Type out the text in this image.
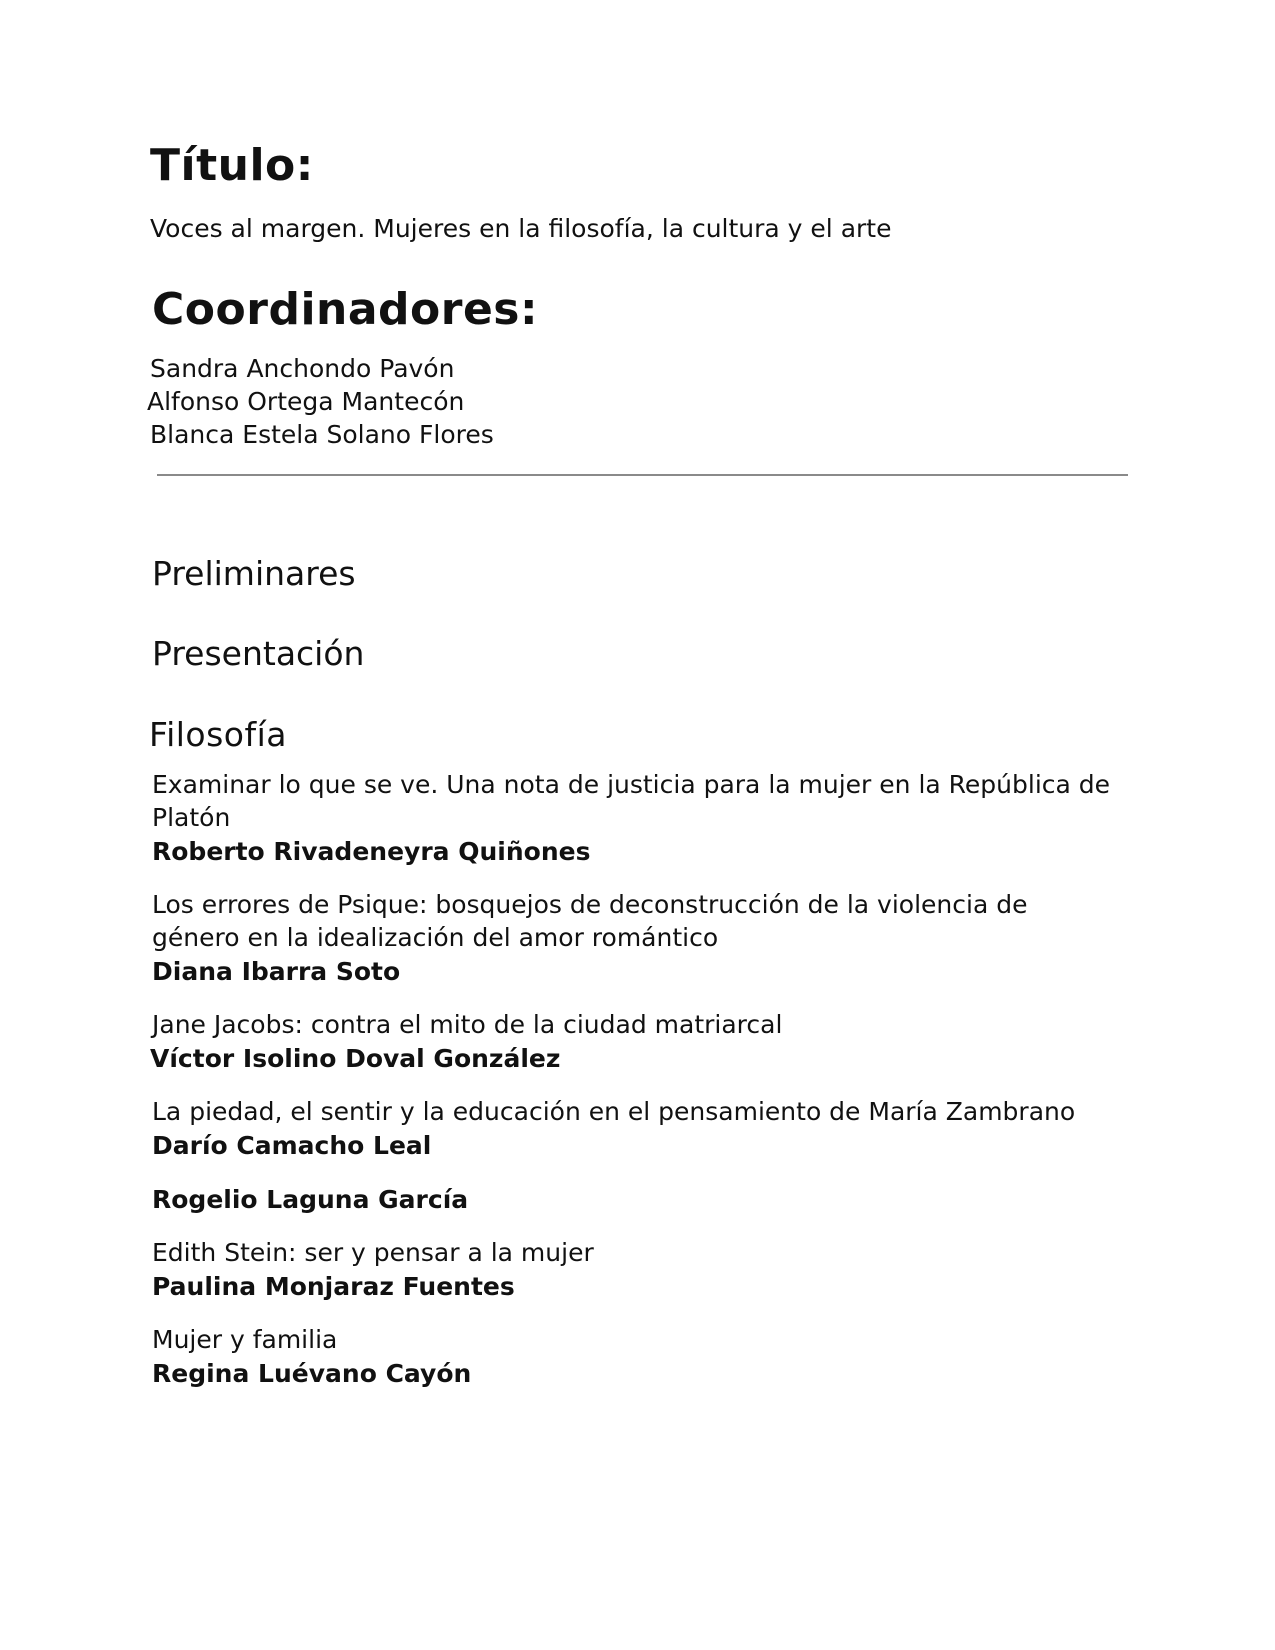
Título:
Voces al margen. Mujeres en la filosofía, la cultura y el arte
Coordinadores:
Sandra Anchondo Pavón
Alfonso Ortega Mantecón
Blanca Estela Solano Flores
Preliminares
Presentación
Filosofía
Examinar lo que se ve. Una nota de justicia para la mujer en la República de Platón
Roberto Rivadeneyra Quiñones
Los errores de Psique: bosquejos de deconstrucción de la violencia de género en la idealización del amor romántico
Diana Ibarra Soto
Jane Jacobs: contra el mito de la ciudad matriarcal
Víctor Isolino Doval González
La piedad, el sentir y la educación en el pensamiento de María Zambrano
Darío Camacho Leal
Rogelio Laguna García
Edith Stein: ser y pensar a la mujer
Paulina Monjaraz Fuentes
Mujer y familia
Regina Luévano Cayón
